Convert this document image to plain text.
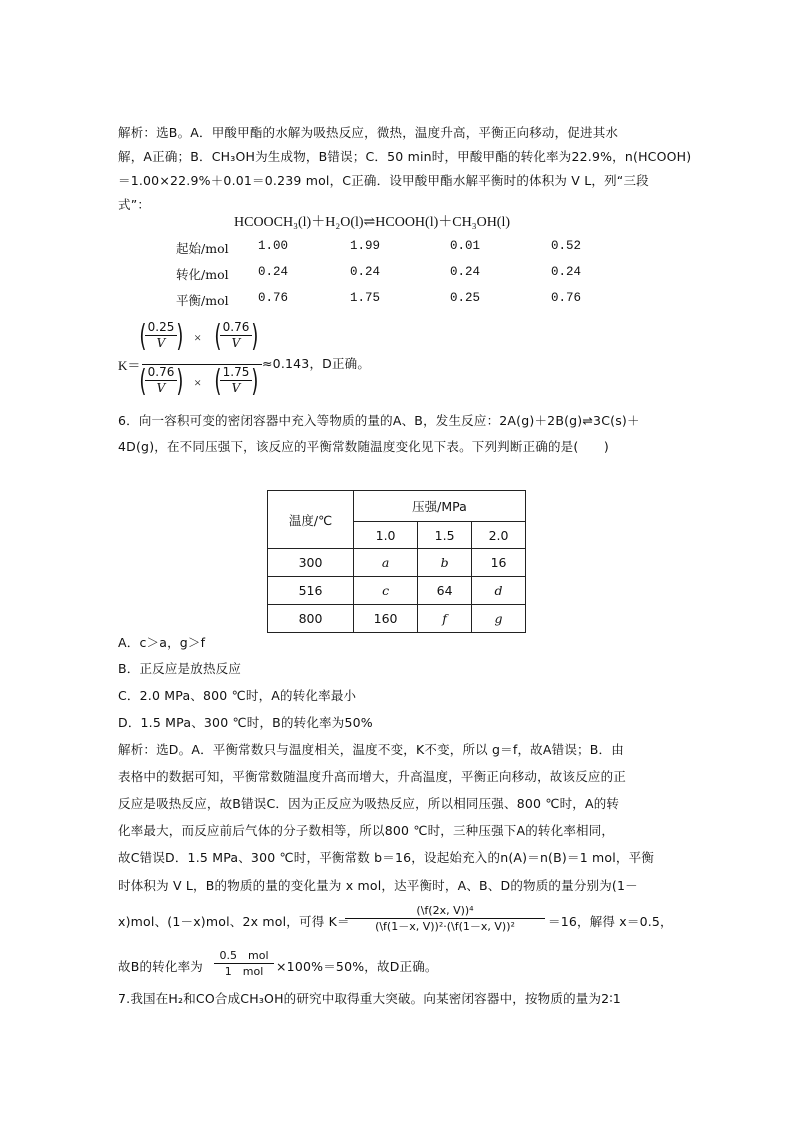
解析：选B。A．甲酸甲酯的水解为吸热反应，微热，温度升高，平衡正向移动，促进其水
解，A正确；B．CH₃OH为生成物，B错误；C．50 min时，甲酸甲酯的转化率为22.9%，n(HCOOH)
＝1.00×22.9%＋0.01＝0.239 mol，C正确．设甲酸甲酯水解平衡时的体积为 V L，列“三段
式”：
HCOOCH₃(l)＋H₂O(l)⇌HCOOH(l)＋CH₃OH(l)
起始/mol 1.00	1.99	0.01	0.52
转化/mol 0.24	0.24	0.24	0.24
平衡/mol 0.76	1.75	0.25	0.76
K＝
( 0.25
V ) × ( 0.76
V )
( 0.76
V ) × ( 1.75
V )
≈0.143，D正确。
6．向一容积可变的密闭容器中充入等物质的量的A、B，发生反应：2A(g)＋2B(g)⇌3C(s)＋
4D(g)，在不同压强下，该反应的平衡常数随温度变化见下表。下列判断正确的是(　　)
温度/℃	压强/MPa		
	1.0	1.5	2.0
300	a	b	16
516	c	64	d
800	160	f	g
A．c＞a，g＞f
B．正反应是放热反应
C．2.0 MPa、800 ℃时，A的转化率最小
D．1.5 MPa、300 ℃时，B的转化率为50%
解析：选D。A．平衡常数只与温度相关，温度不变，K不变，所以 g＝f，故A错误；B．由
表格中的数据可知，平衡常数随温度升高而增大，升高温度，平衡正向移动，故该反应的正
反应是吸热反应，故B错误C．因为正反应为吸热反应，所以相同压强、800 ℃时，A的转
化率最大，而反应前后气体的分子数相等，所以800 ℃时，三种压强下A的转化率相同，
故C错误D．1.5 MPa、300 ℃时，平衡常数 b＝16，设起始充入的n(A)＝n(B)＝1 mol，平衡
时体积为 V L，B的物质的量的变化量为 x mol，达平衡时，A、B、D的物质的量分别为(1－
x)mol、(1－x)mol、2x mol，可得 K＝
(\f(2x, V))⁴
(\f(1－x, V))²·(\f(1－x, V))²	＝16，解得 x＝0.5，
故B的转化率为
0.5　mol
1　mol	×100%＝50%，故D正确。
7.我国在H₂和CO合成CH₃OH的研究中取得重大突破。向某密闭容器中，按物质的量为2∶1
